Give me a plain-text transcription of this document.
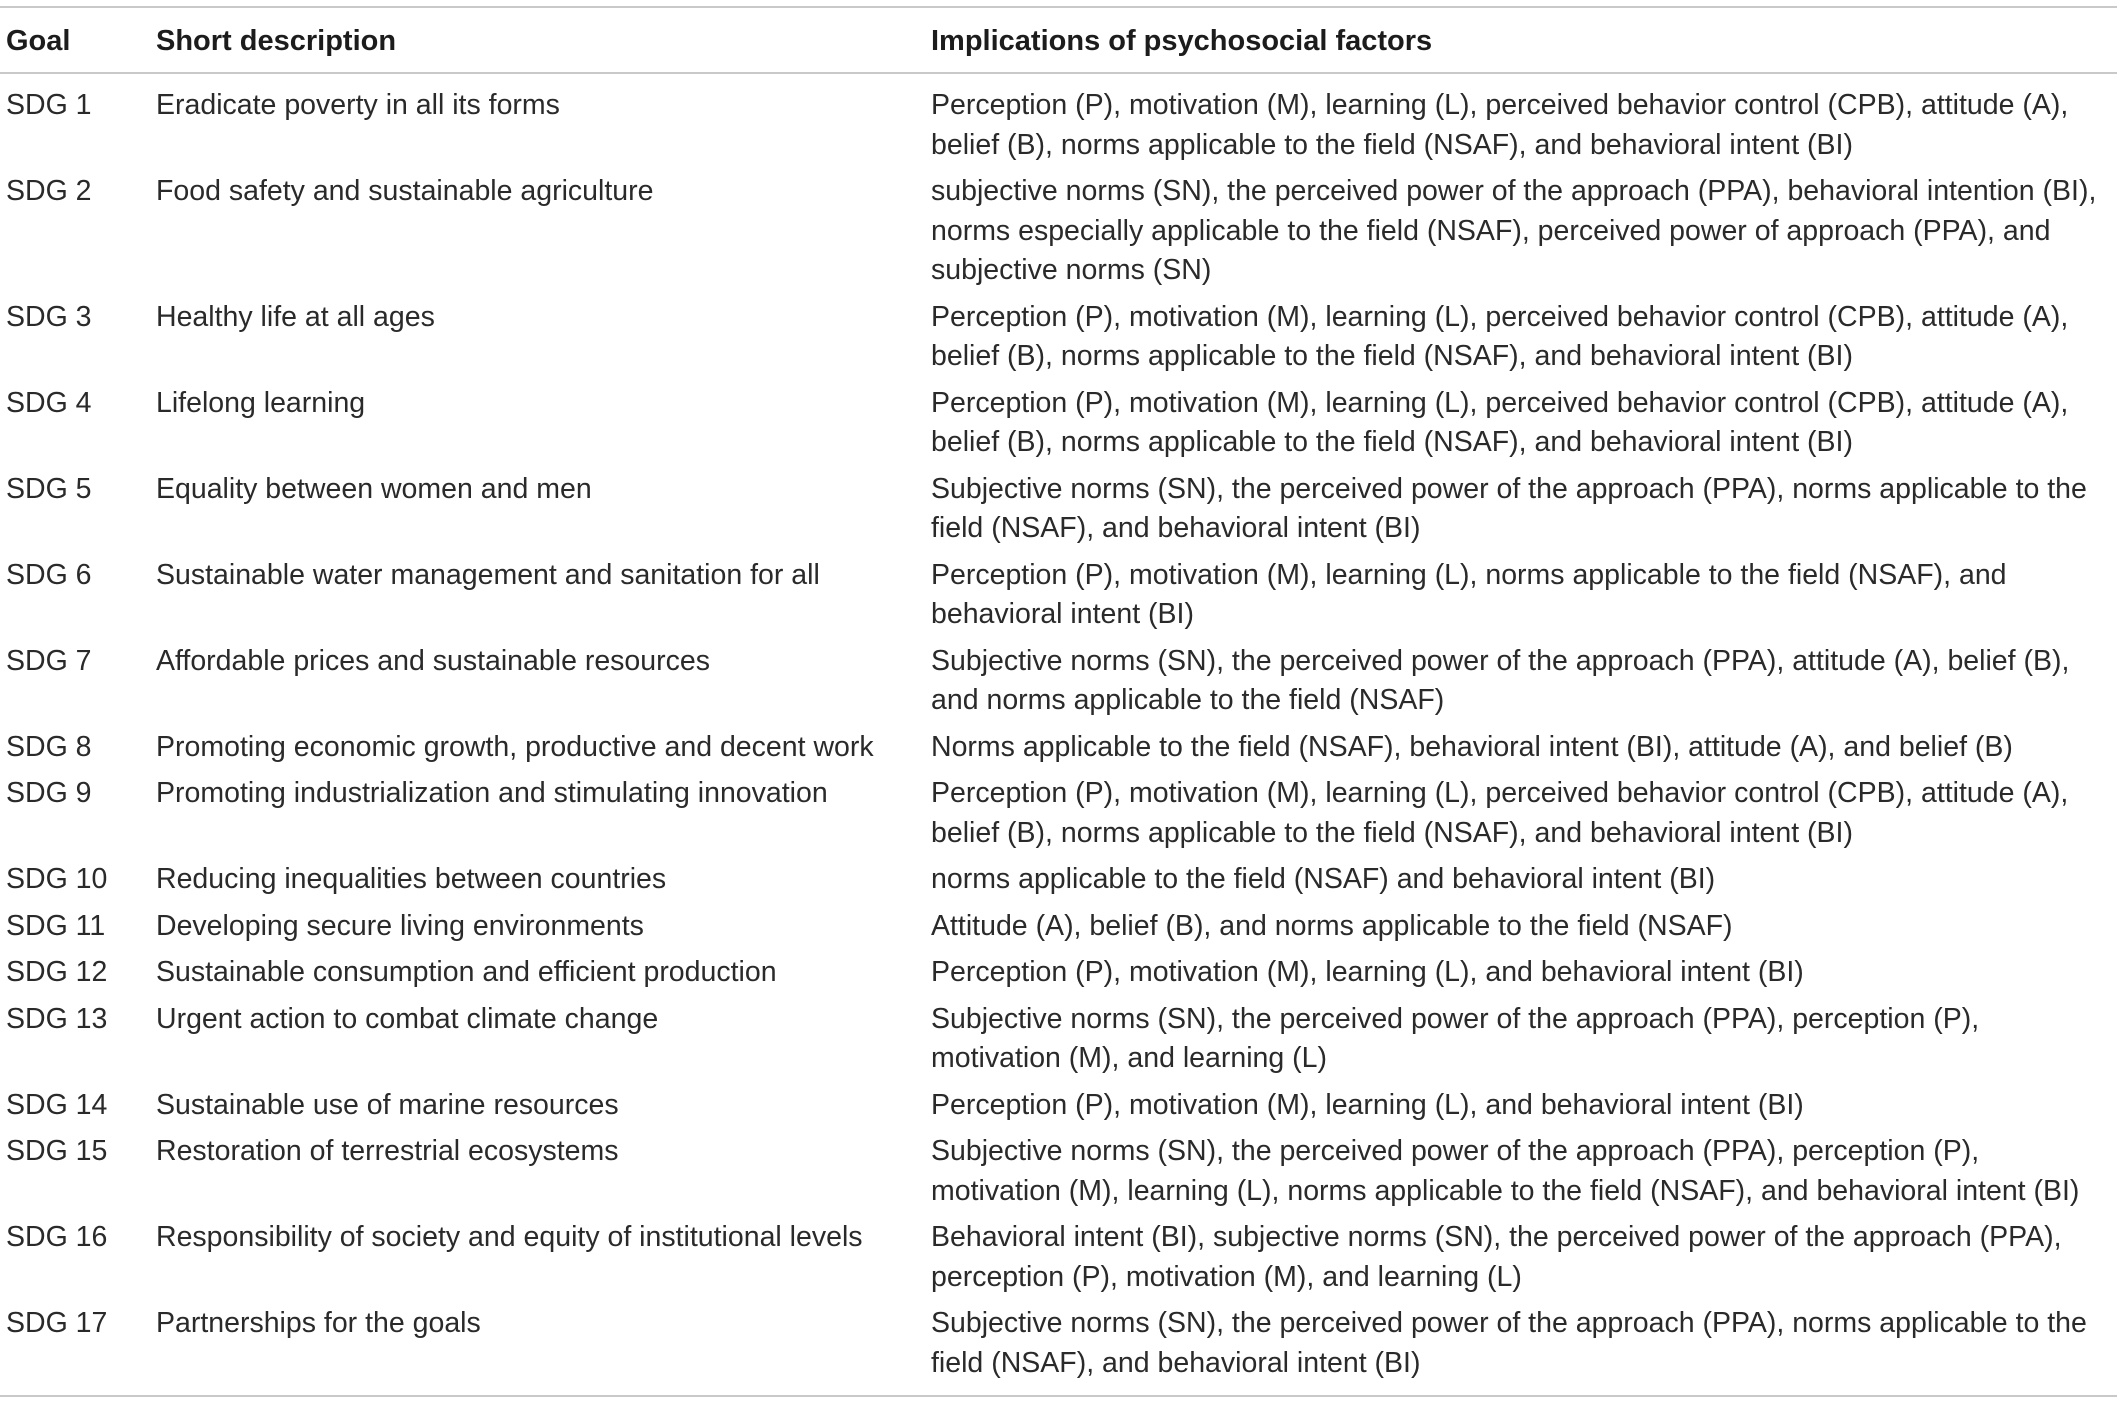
Goal	Short description	Implications of psychosocial factors
SDG 1	Eradicate poverty in all its forms	Perception (P), motivation (M), learning (L), perceived behavior control (CPB), attitude (A), belief (B), norms applicable to the field (NSAF), and behavioral intent (BI)
SDG 2	Food safety and sustainable agriculture	subjective norms (SN), the perceived power of the approach (PPA), behavioral intention (BI), norms especially applicable to the field (NSAF), perceived power of approach (PPA), and subjective norms (SN)
SDG 3	Healthy life at all ages	Perception (P), motivation (M), learning (L), perceived behavior control (CPB), attitude (A), belief (B), norms applicable to the field (NSAF), and behavioral intent (BI)
SDG 4	Lifelong learning	Perception (P), motivation (M), learning (L), perceived behavior control (CPB), attitude (A), belief (B), norms applicable to the field (NSAF), and behavioral intent (BI)
SDG 5	Equality between women and men	Subjective norms (SN), the perceived power of the approach (PPA), norms applicable to the field (NSAF), and behavioral intent (BI)
SDG 6	Sustainable water management and sanitation for all	Perception (P), motivation (M), learning (L), norms applicable to the field (NSAF), and behavioral intent (BI)
SDG 7	Affordable prices and sustainable resources	Subjective norms (SN), the perceived power of the approach (PPA), attitude (A), belief (B), and norms applicable to the field (NSAF)
SDG 8	Promoting economic growth, productive and decent work	Norms applicable to the field (NSAF), behavioral intent (BI), attitude (A), and belief (B)
SDG 9	Promoting industrialization and stimulating innovation	Perception (P), motivation (M), learning (L), perceived behavior control (CPB), attitude (A), belief (B), norms applicable to the field (NSAF), and behavioral intent (BI)
SDG 10	Reducing inequalities between countries	norms applicable to the field (NSAF) and behavioral intent (BI)
SDG 11	Developing secure living environments	Attitude (A), belief (B), and norms applicable to the field (NSAF)
SDG 12	Sustainable consumption and efficient production	Perception (P), motivation (M), learning (L), and behavioral intent (BI)
SDG 13	Urgent action to combat climate change	Subjective norms (SN), the perceived power of the approach (PPA), perception (P), motivation (M), and learning (L)
SDG 14	Sustainable use of marine resources	Perception (P), motivation (M), learning (L), and behavioral intent (BI)
SDG 15	Restoration of terrestrial ecosystems	Subjective norms (SN), the perceived power of the approach (PPA), perception (P), motivation (M), learning (L), norms applicable to the field (NSAF), and behavioral intent (BI)
SDG 16	Responsibility of society and equity of institutional levels	Behavioral intent (BI), subjective norms (SN), the perceived power of the approach (PPA), perception (P), motivation (M), and learning (L)
SDG 17	Partnerships for the goals	Subjective norms (SN), the perceived power of the approach (PPA), norms applicable to the field (NSAF), and behavioral intent (BI)
